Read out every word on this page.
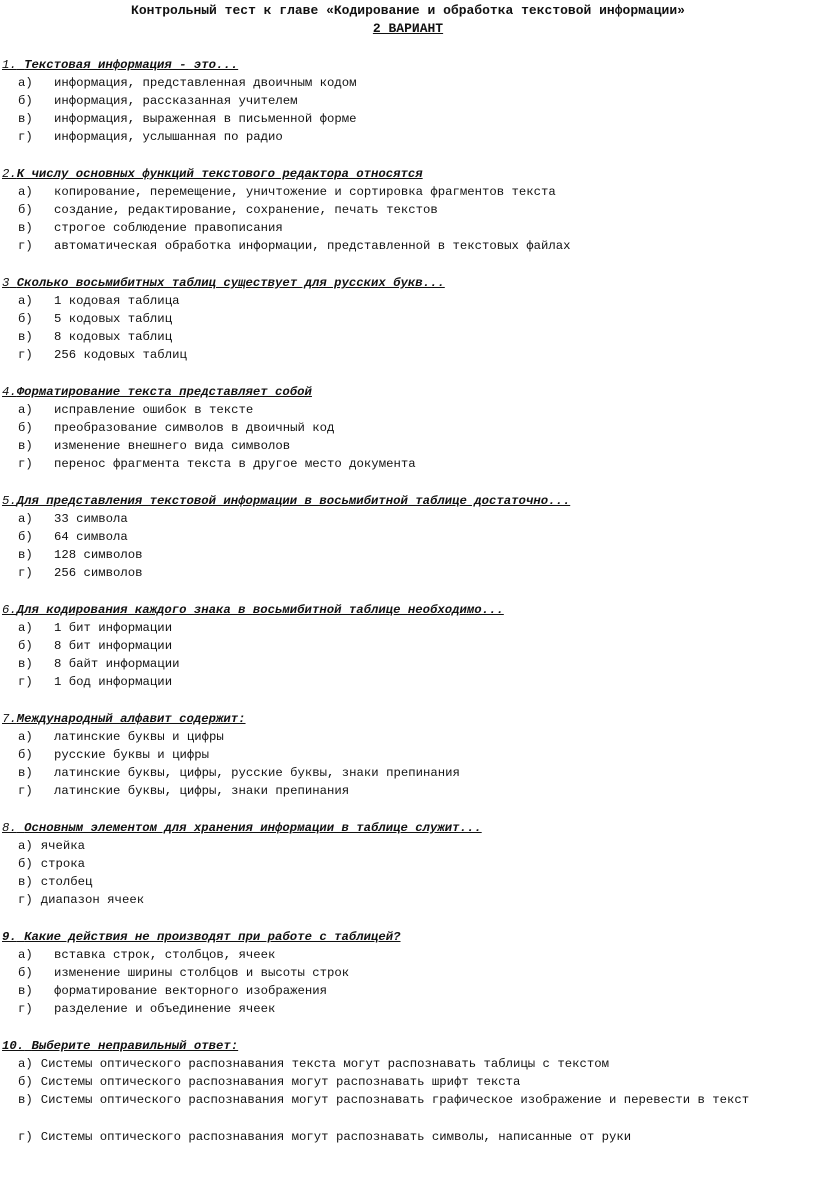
Контрольный тест к главе «Кодирование и обработка текстовой информации»
2 ВАРИАНТ
1. Текстовая информация - это...
а) информация, представленная двоичным кодом
б) информация, рассказанная учителем
в) информация, выраженная в письменной форме
г) информация, услышанная по радио
2.К числу основных функций текстового редактора относятся
а) копирование, перемещение, уничтожение и сортировка фрагментов текста
б) создание, редактирование, сохранение, печать текстов
в) строгое соблюдение правописания
г) автоматическая обработка информации, представленной в текстовых файлах
3 Сколько восьмибитных таблиц существует для русских букв...
а) 1 кодовая таблица
б) 5 кодовых таблиц
в) 8 кодовых таблиц
г) 256 кодовых таблиц
4.Форматирование текста представляет собой
а) исправление ошибок в тексте
б) преобразование символов в двоичный код
в) изменение внешнего вида символов
г) перенос фрагмента текста в другое место документа
5.Для представления текстовой информации в восьмибитной таблице достаточно...
а) 33 символа
б) 64 символа
в) 128 символов
г) 256 символов
6.Для кодирования каждого знака в восьмибитной таблице необходимо...
а) 1 бит информации
б) 8 бит информации
в) 8 байт информации
г) 1 бод информации
7.Международный алфавит содержит:
а) латинские буквы и цифры
б) русские буквы и цифры
в) латинские буквы, цифры, русские буквы, знаки препинания
г) латинские буквы, цифры, знаки препинания
8. Основным элементом для хранения информации в таблице служит...
а) ячейка
б) строка
в) столбец
г) диапазон ячеек
9. Какие действия не производят при работе с таблицей?
а) вставка строк, столбцов, ячеек
б) изменение ширины столбцов и высоты строк
в) форматирование векторного изображения
г) разделение и объединение ячеек
10. Выберите неправильный ответ:
а) Системы оптического распознавания текста могут распознавать таблицы с текстом
б) Системы оптического распознавания могут распознавать шрифт текста
в) Системы оптического распознавания могут распознавать графическое изображение и перевести в текст
г) Системы оптического распознавания могут распознавать символы, написанные от руки
